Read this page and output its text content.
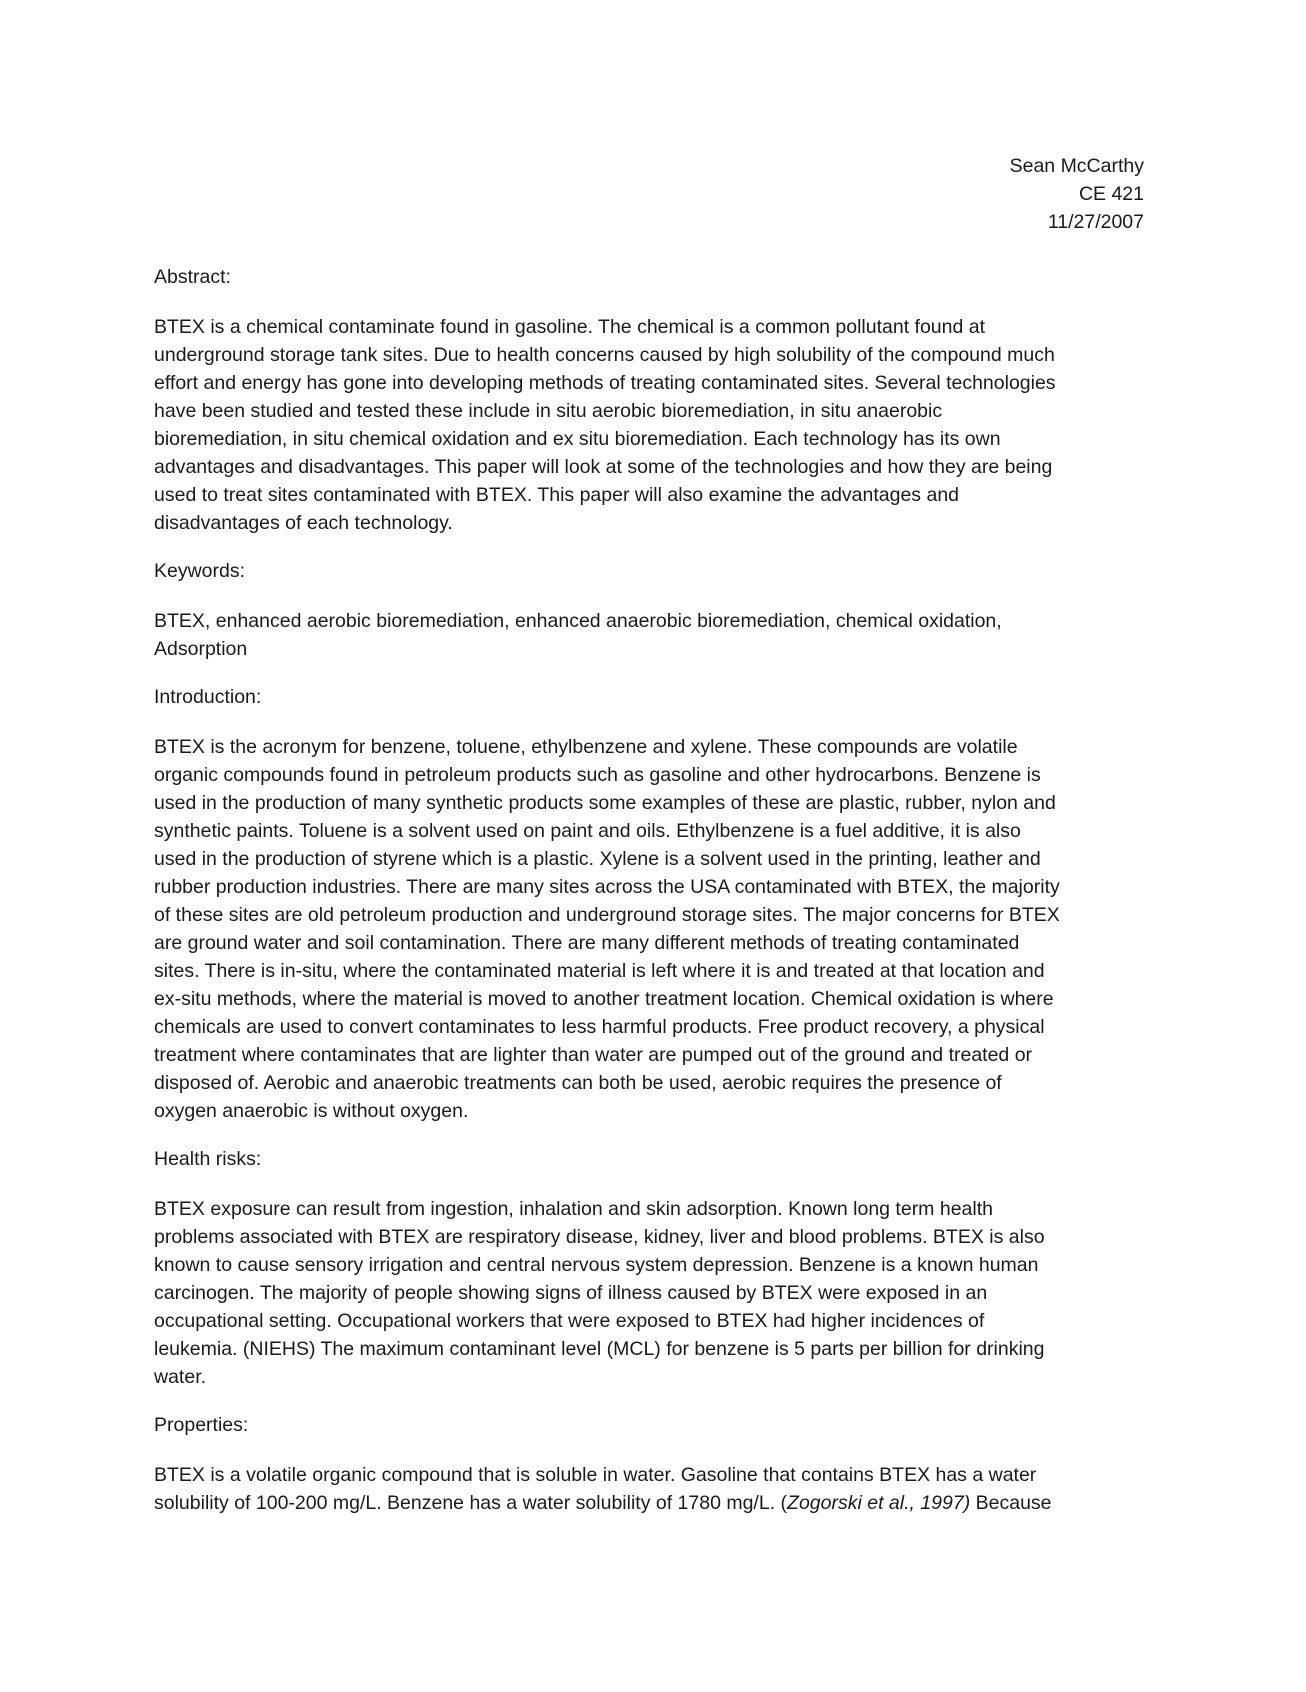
Sean McCarthy
CE 421
11/27/2007
Abstract:
BTEX is a chemical contaminate found in gasoline. The chemical is a common pollutant found at
underground storage tank sites. Due to health concerns caused by high solubility of the compound much
effort and energy has gone into developing methods of treating contaminated sites. Several technologies
have been studied and tested these include in situ aerobic bioremediation, in situ anaerobic
bioremediation, in situ chemical oxidation and ex situ bioremediation. Each technology has its own
advantages and disadvantages. This paper will look at some of the technologies and how they are being
used to treat sites contaminated with BTEX. This paper will also examine the advantages and
disadvantages of each technology.
Keywords:
BTEX, enhanced aerobic bioremediation, enhanced anaerobic bioremediation, chemical oxidation,
Adsorption
Introduction:
BTEX is the acronym for benzene, toluene, ethylbenzene and xylene. These compounds are volatile
organic compounds found in petroleum products such as gasoline and other hydrocarbons. Benzene is
used in the production of many synthetic products some examples of these are plastic, rubber, nylon and
synthetic paints. Toluene is a solvent used on paint and oils. Ethylbenzene is a fuel additive, it is also
used in the production of styrene which is a plastic. Xylene is a solvent used in the printing, leather and
rubber production industries. There are many sites across the USA contaminated with BTEX, the majority
of these sites are old petroleum production and underground storage sites. The major concerns for BTEX
are ground water and soil contamination. There are many different methods of treating contaminated
sites. There is in-situ, where the contaminated material is left where it is and treated at that location and
ex-situ methods, where the material is moved to another treatment location. Chemical oxidation is where
chemicals are used to convert contaminates to less harmful products. Free product recovery, a physical
treatment where contaminates that are lighter than water are pumped out of the ground and treated or
disposed of. Aerobic and anaerobic treatments can both be used, aerobic requires the presence of
oxygen anaerobic is without oxygen.
Health risks:
BTEX exposure can result from ingestion, inhalation and skin adsorption. Known long term health
problems associated with BTEX are respiratory disease, kidney, liver and blood problems. BTEX is also
known to cause sensory irrigation and central nervous system depression. Benzene is a known human
carcinogen. The majority of people showing signs of illness caused by BTEX were exposed in an
occupational setting. Occupational workers that were exposed to BTEX had higher incidences of
leukemia. (NIEHS) The maximum contaminant level (MCL) for benzene is 5 parts per billion for drinking
water.
Properties:
BTEX is a volatile organic compound that is soluble in water. Gasoline that contains BTEX has a water
solubility of 100-200 mg/L. Benzene has a water solubility of 1780 mg/L. (Zogorski et al., 1997) Because
